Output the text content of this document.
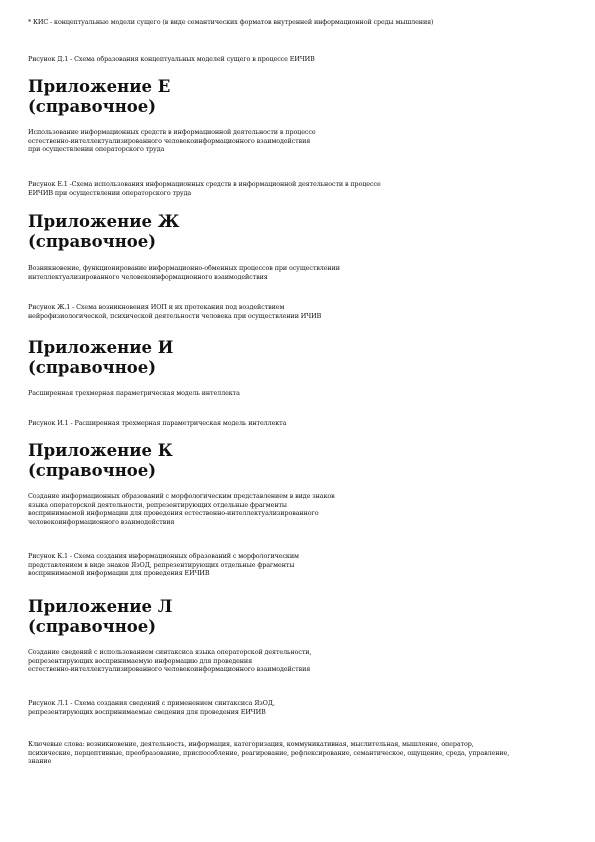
* КИС - концептуальные модели сущего (в виде семантических форматов внутренней информационной среды мышления)
Рисунок Д.1 - Схема образования концептуальных моделей сущего в процессе ЕИЧИВ
Приложение Е
(справочное)
Использование информационных средств в информационной деятельности в процессе
естественно-интеллектуализированного человекоинформационного взаимодействия
при осуществлении операторского труда
Рисунок Е.1 -Схема использования информационных средств в информационной деятельности в процессе
ЕИЧИВ при осуществлении операторского труда
Приложение Ж
(справочное)
Возникновение, функционирование информационно-обменных процессов при осуществлении
интеллектуализированного человекоинформационного взаимодействия
Рисунок Ж.1 - Схема возникновения ИОП и их протекания под воздействием
нейрофизиологической, психической деятельности человека при осуществлении ИЧИВ
Приложение И
(справочное)
Расширенная трехмерная параметрическая модель интеллекта
Рисунок И.1 - Расширенная трехмерная параметрическая модель интеллекта
Приложение К
(справочное)
Создание информационных образований с морфологическим представлением в виде знаков
языка операторской деятельности, репрезентирующих отдельные фрагменты
воспринимаемой информации для проведения естественно-интеллектуализированного
человекоинформационного взаимодействия
Рисунок К.1 - Схема создания информационных образований с морфологическим
представлением в виде знаков ЯзОД, репрезентирующих отдельные фрагменты
воспринимаемой информации для проведения ЕИЧИВ
Приложение Л
(справочное)
Создание сведений с использованием синтаксиса языка операторской деятельности,
репрезентирующих воспринимаемую информацию для проведения
естественно-интеллектуализированного человекоинформационного взаимодействия
Рисунок Л.1 - Схема создания сведений с применением синтаксиса ЯзОД,
репрезентирующих воспринимаемые сведения для проведения ЕИЧИВ
Ключевые слова: возникновение, деятельность, информация, категоризация, коммуникативная, мыслительная, мышление, оператор,
психические, перцептивные, преобразование, приспособление, реагирование, рефлексирование, семантическое, ощущение, среда, управление,
знание
